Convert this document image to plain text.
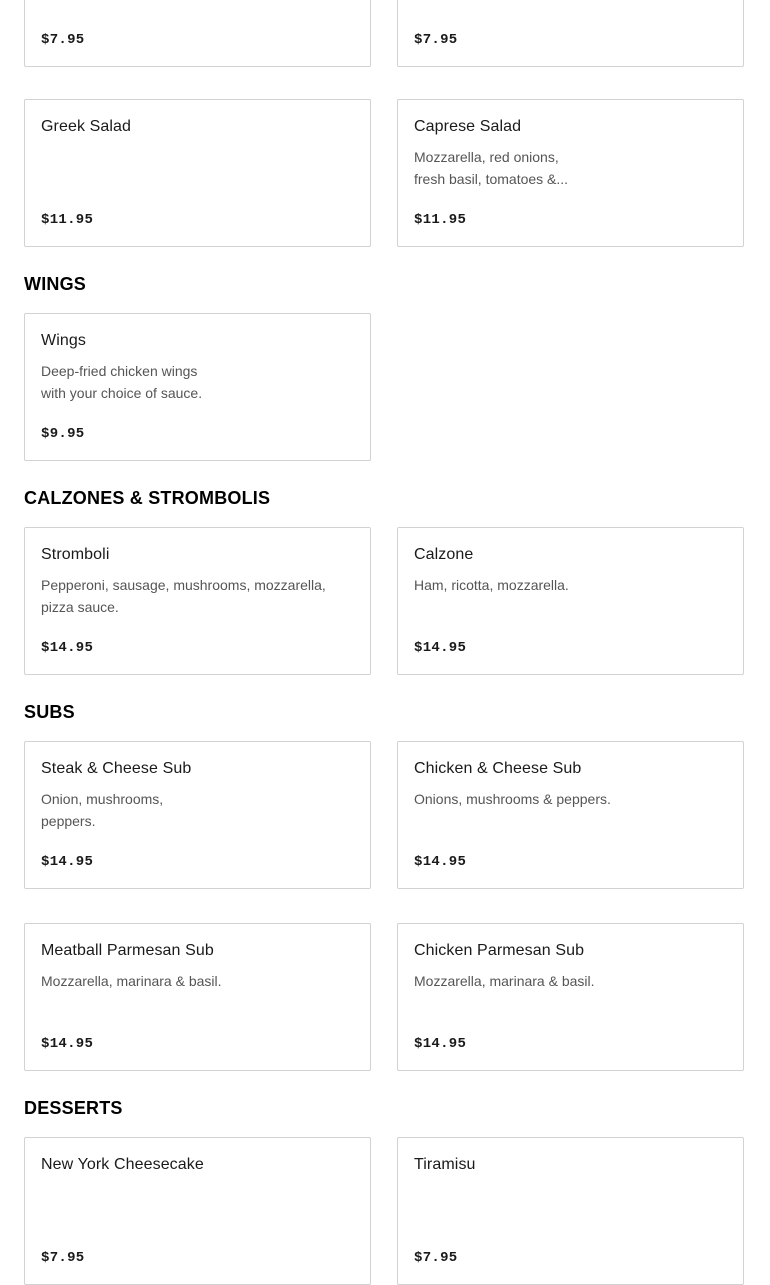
$7.95	$7.95
Greek Salad
$11.95
Caprese Salad
Mozzarella, red onions, fresh basil, tomatoes &...
$11.95
WINGS
Wings
Deep-fried chicken wings with your choice of sauce.
$9.95
CALZONES & STROMBOLIS
Stromboli
Pepperoni, sausage, mushrooms, mozzarella, pizza sauce.
$14.95
Calzone
Ham, ricotta, mozzarella.
$14.95
SUBS
Steak & Cheese Sub
Onion, mushrooms, peppers.
$14.95
Chicken & Cheese Sub
Onions, mushrooms & peppers.
$14.95
Meatball Parmesan Sub
Mozzarella, marinara & basil.
$14.95
Chicken Parmesan Sub
Mozzarella, marinara & basil.
$14.95
DESSERTS
New York Cheesecake
$7.95
Tiramisu
$7.95
